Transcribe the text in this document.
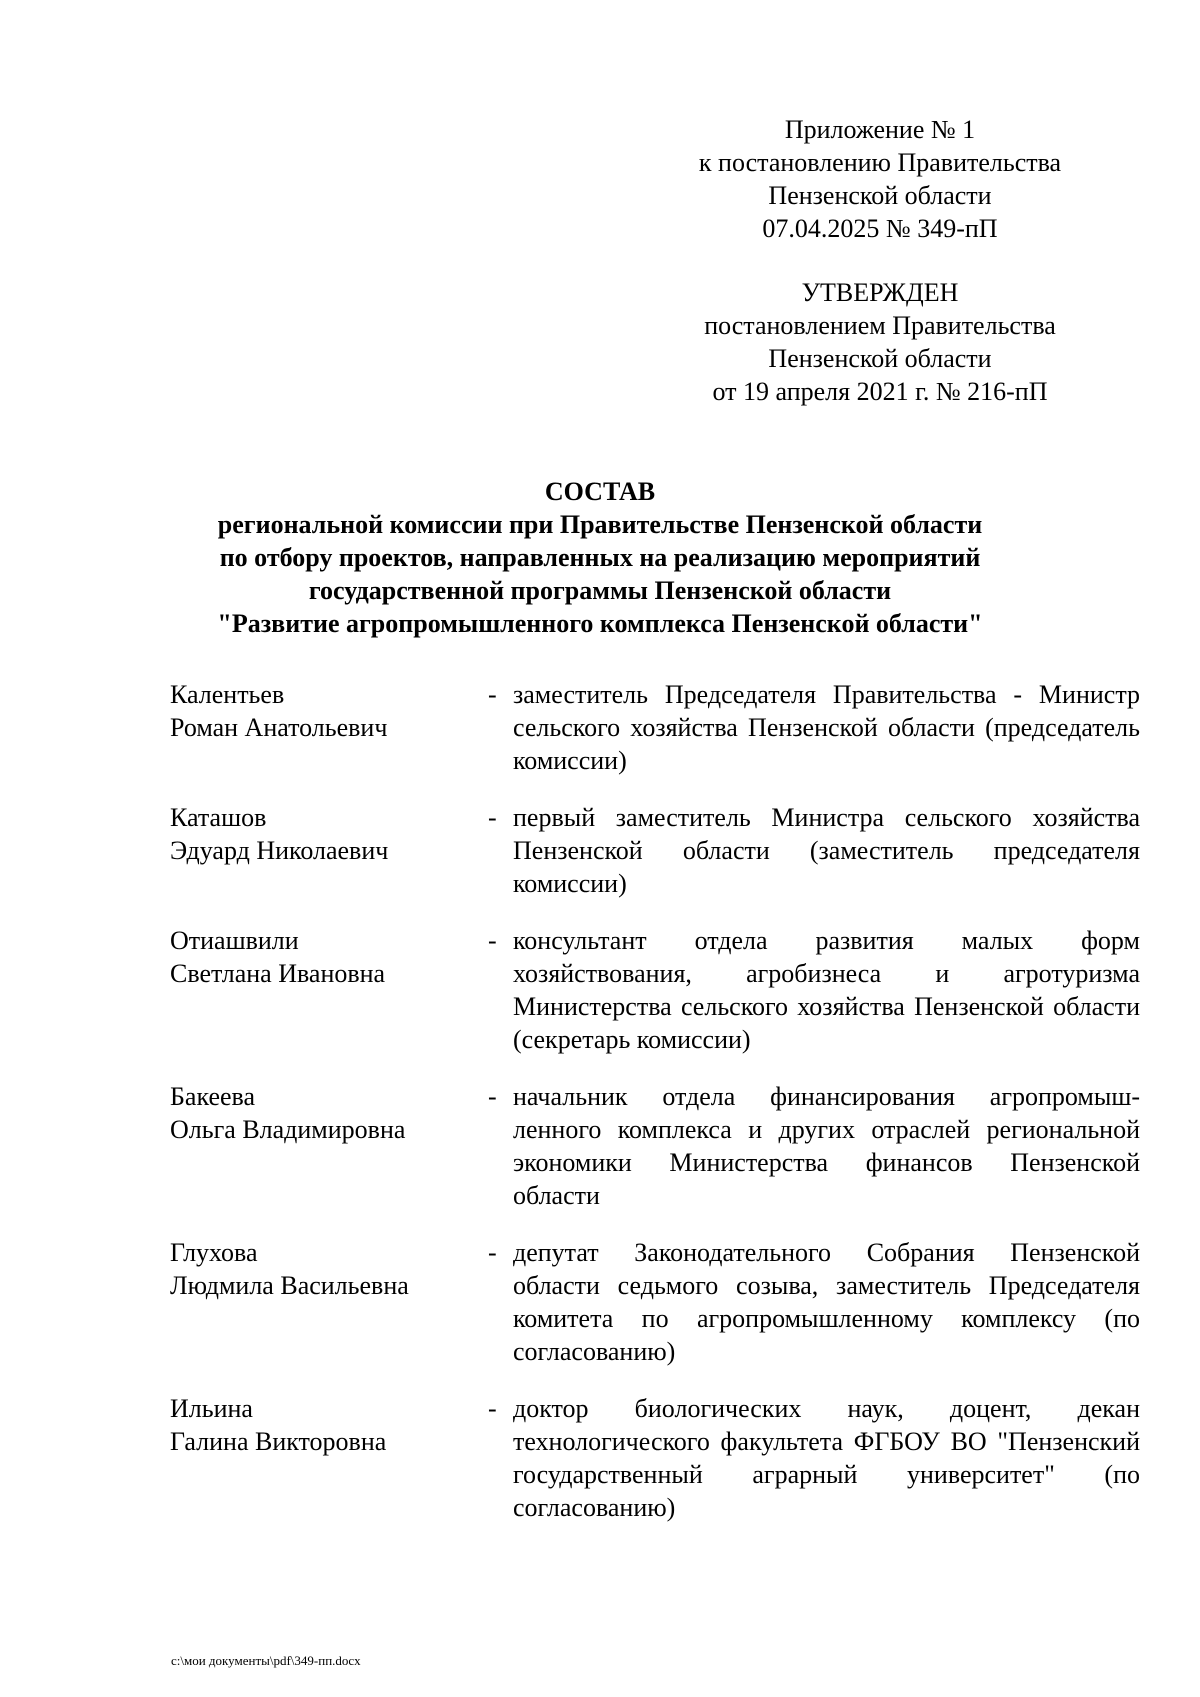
Приложение № 1
к постановлению Правительства
Пензенской области
07.04.2025 № 349-пП
УТВЕРЖДЕН
постановлением Правительства
Пензенской области
от 19 апреля 2021 г. № 216-пП
СОСТАВ
региональной комиссии при Правительстве Пензенской области
по отбору проектов, направленных на реализацию мероприятий
государственной программы Пензенской области
"Развитие агропромышленного комплекса Пензенской области"
Калентьев
Роман Анатольевич
- заместитель Председателя Правительства - Министр сельского хозяйства Пензенской области (председатель комиссии)
Каташов
Эдуард Николаевич
- первый заместитель Министра сельского хозяйства Пензенской области (заместитель председателя комиссии)
Отиашвили
Светлана Ивановна
- консультант отдела развития малых форм хозяйствования, агробизнеса и агротуризма Министерства сельского хозяйства Пензенской области (секретарь комиссии)
Бакеева
Ольга Владимировна
- начальник отдела финансирования агропромыш-ленного комплекса и других отраслей региональной экономики Министерства финансов Пензенской области
Глухова
Людмила Васильевна
- депутат Законодательного Собрания Пензенской области седьмого созыва, заместитель Председателя комитета по агропромышленному комплексу (по согласованию)
Ильина
Галина Викторовна
- доктор биологических наук, доцент, декан технологического факультета ФГБОУ ВО "Пензенский государственный аграрный университет" (по согласованию)
c:\мои документы\pdf\349-пп.docx
